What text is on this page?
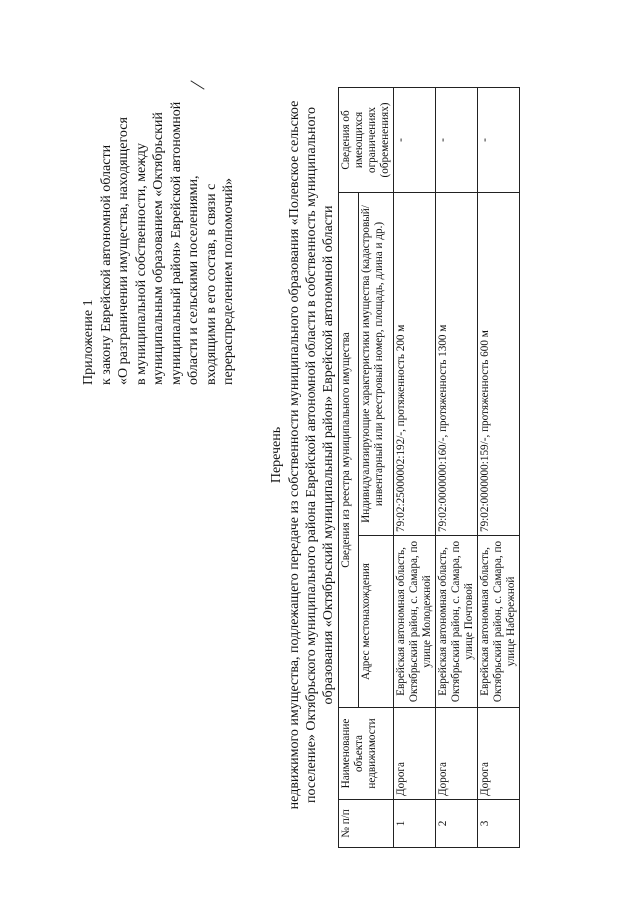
Приложение 1 к закону Еврейской автономной области «О разграничении имущества, находящегося в муниципальной собственности, между муниципальным образованием «Октябрьский муниципальный район» Еврейской автономной области и сельскими поселениями, входящими в его состав, в связи с перераспределением полномочий»
Перечень недвижимого имущества, подлежащего передаче из собственности муниципального образования «Полевское сельское поселение» Октябрьского муниципального района Еврейской автономной области в собственность муниципального образования «Октябрьский муниципальный район» Еврейской автономной области
№ п/п	Наименование объекта недвижимости	Сведения из реестра муниципального имущества		Сведения об имеющихся ограничениях (обременениях)
		Адрес местонахождения	Индивидуализирующие характеристики имущества (кадастровый/инвентарный или реестровый номер, площадь, длина и др.)	
1	Дорога	Еврейская автономная область, Октябрьский район, с. Самара, по улице Молодежной	79:02:25000002:192/-, протяженность 200 м	-
2	Дорога	Еврейская автономная область, Октябрьский район, с. Самара, по улице Почтовой	79:02:0000000:160/-, протяженность 1300 м	-
3	Дорога	Еврейская автономная область, Октябрьский район, с. Самара, по улице Набережной	79:02:0000000:159/-, протяженность 600 м	-
